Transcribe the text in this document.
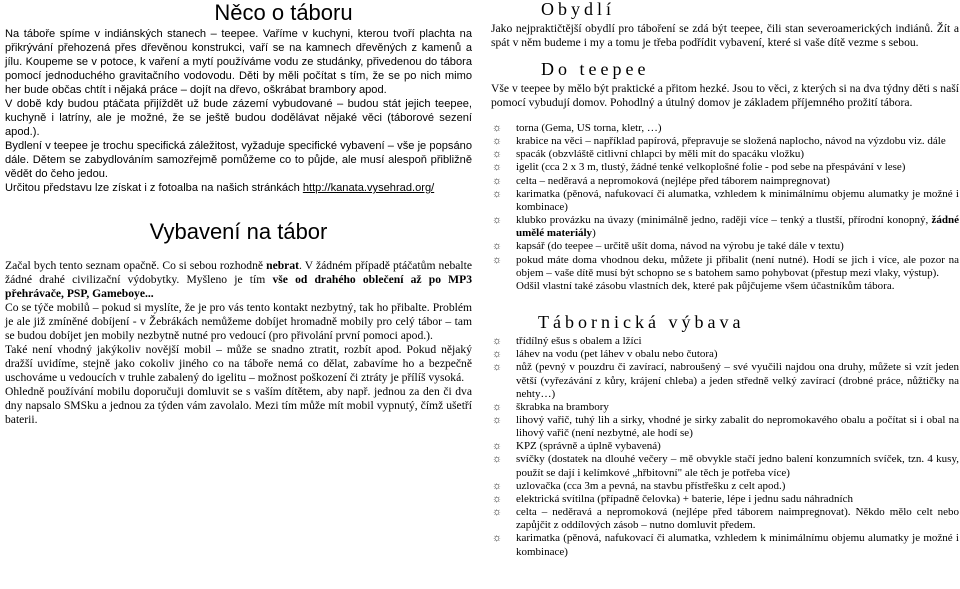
Něco o táboru

Na táboře spíme v indiánských stanech – teepee. Vaříme v kuchyni, kterou tvoří plachta na přikrývání přehozená přes dřevěnou konstrukci, vaří se na kamnech dřevěných z kamenů a jílu. Koupeme se v potoce, k vaření a mytí používáme vodu ze studánky, přivedenou do tábora pomocí jednoduchého gravitačního vodovodu. Děti by měli počítat s tím, že se po nich mimo her bude občas chtít i nějaká práce – dojít na dřevo, oškrábat brambory apod.

V době kdy budou ptáčata přijíždět už bude zázemí vybudované – budou stát jejich teepee, kuchyně i latríny, ale je možné, že se ještě budou dodělávat nějaké věci (táborové sezení apod.).

Bydlení v teepee je trochu specifická záležitost, vyžaduje specifické vybavení – vše je popsáno dále. Dětem se zabydlováním samozřejmě pomůžeme co to půjde, ale musí alespoň přibližně vědět do čeho jedou.

Určitou představu lze získat i z fotoalba na našich stránkách http://kanata.vysehrad.org/

Vybavení na tábor

Začal bych tento seznam opačně. Co si sebou rozhodně nebrat. V žádném případě ptáčatům nebalte žádné drahé civilizační výdobytky. Myšleno je tím vše od drahého oblečení až po MP3 přehrávače, PSP, Gameboye...

Co se týče mobilů – pokud si myslíte, že je pro vás tento kontakt nezbytný, tak ho přibalte. Problém je ale již zmíněné dobíjení - v Žebrákách nemůžeme dobíjet hromadně mobily pro celý tábor – tam se budou dobíjet jen mobily nezbytně nutné pro vedoucí (pro přivolání první pomoci apod.).

Také není vhodný jakýkoliv novější mobil – může se snadno ztratit, rozbít apod. Pokud nějaký dražší uvidíme, stejně jako cokoliv jiného co na táboře nemá co dělat, zabavíme ho a bezpečně uschováme u vedoucích v truhle zabalený do igelitu – možnost poškození či ztráty je přílíš vysoká.

Ohledně používání mobilu doporučuji domluvit se s vaším dítětem, aby např. jednou za den či dva dny napsalo SMSku a jednou za týden vám zavolalo. Mezi tím může mít mobil vypnutý, čímž ušetří baterii.

Obydlí

Jako nejpraktičtější obydlí pro táboření se zdá být teepee, čili stan severoamerických indiánů. Žít a spát v něm budeme i my a tomu je třeba podřídit vybavení, které si vaše dítě vezme s sebou.

Do teepee

Vše v teepee by mělo být praktické a přitom hezké. Jsou to věci, z kterých si na dva týdny děti s naší pomocí vybudují domov. Pohodlný a útulný domov je základem příjemného prožití tábora.

☼ torna (Gema, US torna, kletr, …)
☼ krabice na věci – například papírová, přepravuje se složená naplocho, návod na výzdobu viz. dále
☼ spacák (obzvláště citlivní chlapci by měli mít do spacáku vložku)
☼ igelit (cca 2 x 3 m, tlustý, žádné tenké velkoplošné folie - pod sebe na přespávání v lese)
☼ celta – neděravá a nepromoková (nejlépe před táborem naimpregnovat)
☼ karimatka (pěnová, nafukovací či alumatka, vzhledem k minimálnímu objemu alumatky je možné i kombinace)
☼ klubko provázku na úvazy (minimálně jedno, raději více – tenký a tlustší, přírodní konopný, žádné umělé materiály)
☼ kapsář (do teepee – určitě ušít doma, návod na výrobu je také dále v textu)
☼ pokud máte doma vhodnou deku, můžete ji přibalit (není nutné). Hodí se jich i více, ale pozor na objem – vaše dítě musí být schopno se s batohem samo pohybovat (přestup mezi vlaky, výstup).

Odšil vlastní také zásobu vlastních dek, které pak půjčujeme všem účastníkům tábora.

Tábornická výbava
☼ třídílný ešus s obalem a lžíci
☼ láhev na vodu (pet láhev v obalu nebo čutora)
☼ nůž (pevný v pouzdru či zavírací, nabroušený – své vyučili najdou ona druhy, můžete si vzít jeden větší (vyřezávání z kůry, krájení chleba) a jeden středně velký zavírací (drobné práce, nůžtičky na nehty…)
☼ škrabka na brambory
☼ lihový vařič, tuhý lih a sirky, vhodné je sirky zabalit do nepromokavého obalu a počítat si i obal na lihový vařič (není nezbytné, ale hodí se)
☼ KPZ (správně a úplně vybavená)
☼ svíčky (dostatek na dlouhé večery – mě obvykle stačí jedno balení konzumních svíček, tzn. 4 kusy, použít se dají i kelímkové „hřbitovní" ale těch je potřeba více)
☼ uzlovačka (cca 3m a pevná, na stavbu přístřešku z celt apod.)
☼ elektrická svítilna (případně čelovka) + baterie, lépe i jednu sadu náhradních
☼ celta – neděravá a nepromoková (nejlépe před táborem naimpregnovat). Někdo mělo celt nebo zapůjčit z oddílových zásob – nutno domluvit předem.
☼ karimatka (pěnová, nafukovací či alumatka, vzhledem k minimálnímu objemu alumatky je možné i kombinace)
